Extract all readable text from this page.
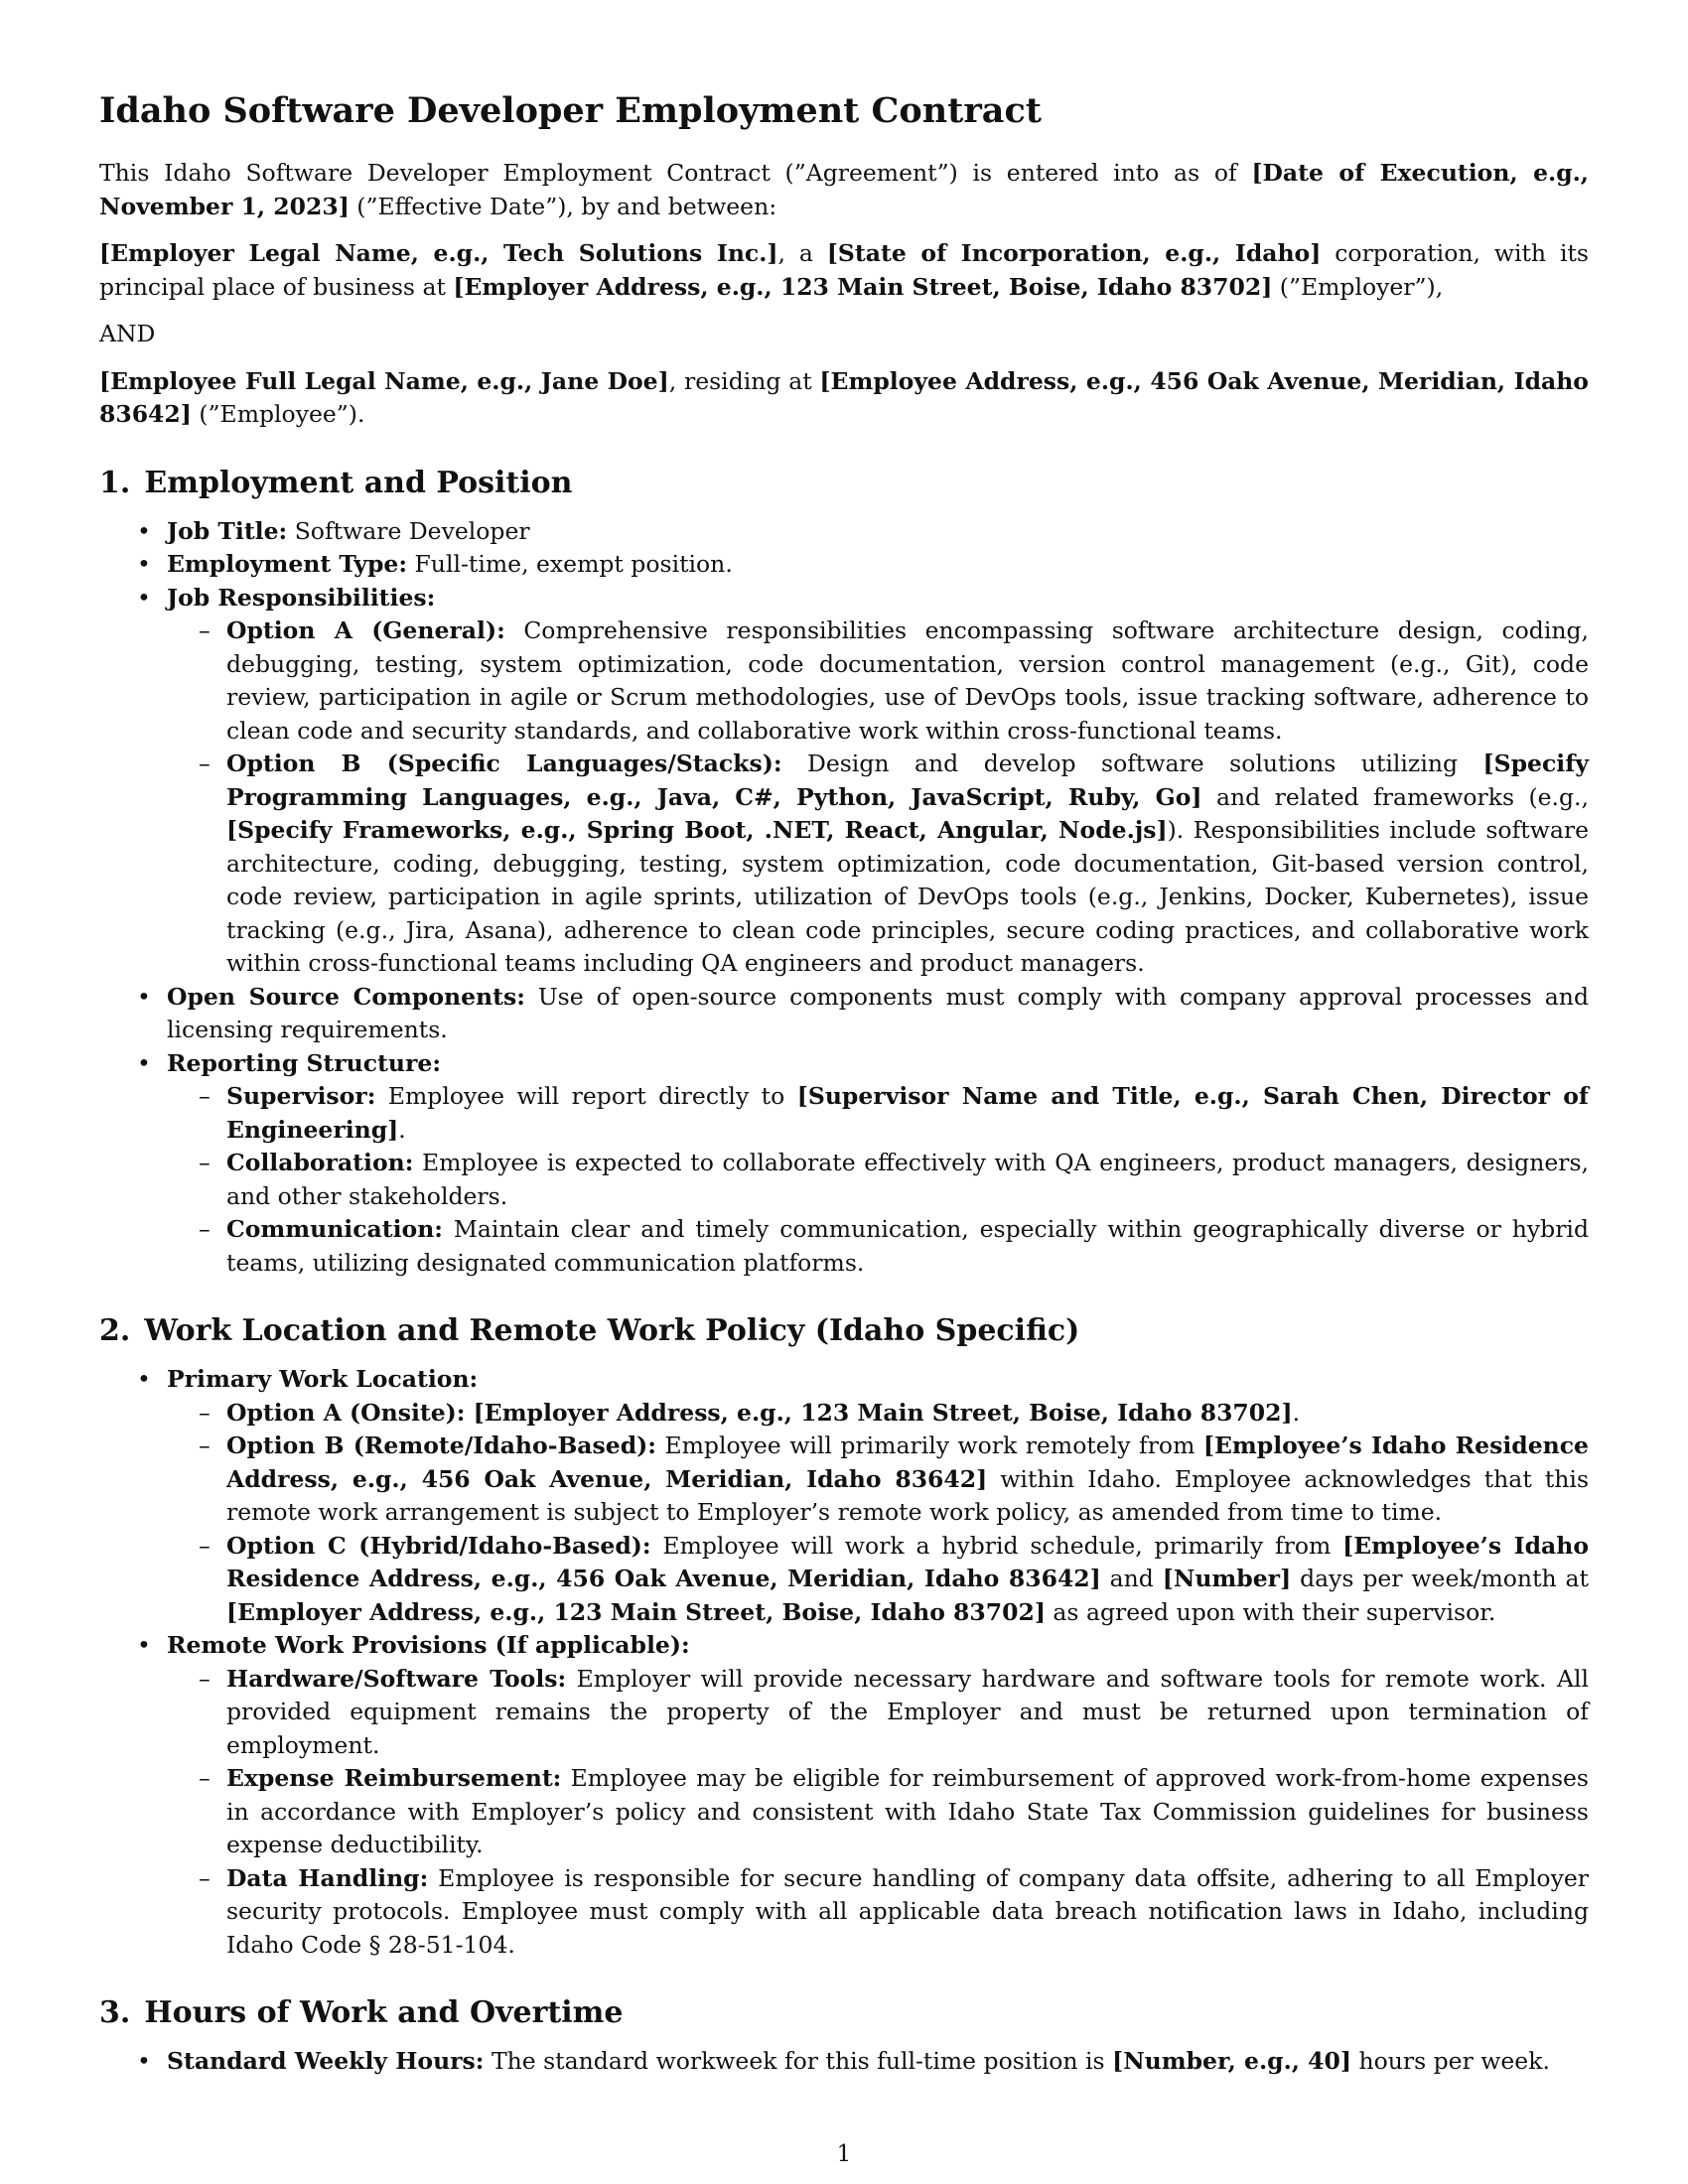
Idaho Software Developer Employment Contract

This Idaho Software Developer Employment Contract (”Agreement”) is entered into as of [Date of Execution, e.g., November 1, 2023] (”Effective Date”), by and between:

[Employer Legal Name, e.g., Tech Solutions Inc.], a [State of Incorporation, e.g., Idaho] corporation, with its principal place of business at [Employer Address, e.g., 123 Main Street, Boise, Idaho 83702] (”Employer”),

AND

[Employee Full Legal Name, e.g., Jane Doe], residing at [Employee Address, e.g., 456 Oak Avenue, Meridian, Idaho 83642] (”Employee”).

1. Employment and Position
• Job Title: Software Developer
• Employment Type: Full-time, exempt position.
• Job Responsibilities:
– Option A (General): Comprehensive responsibilities encompassing software architecture design, coding, debugging, testing, system optimization, code documentation, version control management (e.g., Git), code review, participation in agile or Scrum methodologies, use of DevOps tools, issue tracking software, adherence to clean code and security standards, and collaborative work within cross-functional teams.
– Option B (Specific Languages/Stacks): Design and develop software solutions utilizing [Specify Programming Languages, e.g., Java, C#, Python, JavaScript, Ruby, Go] and related frameworks (e.g., [Specify Frameworks, e.g., Spring Boot, .NET, React, Angular, Node.js]). Responsibilities include software architecture, coding, debugging, testing, system optimization, code documentation, Git-based version control, code review, participation in agile sprints, utilization of DevOps tools (e.g., Jenkins, Docker, Kubernetes), issue tracking (e.g., Jira, Asana), adherence to clean code principles, secure coding practices, and collaborative work within cross-functional teams including QA engineers and product managers.
• Open Source Components: Use of open-source components must comply with company approval processes and licensing requirements.
• Reporting Structure:
– Supervisor: Employee will report directly to [Supervisor Name and Title, e.g., Sarah Chen, Director of Engineering].
– Collaboration: Employee is expected to collaborate effectively with QA engineers, product managers, designers, and other stakeholders.
– Communication: Maintain clear and timely communication, especially within geographically diverse or hybrid teams, utilizing designated communication platforms.
2. Work Location and Remote Work Policy (Idaho Specific)
• Primary Work Location:
– Option A (Onsite): [Employer Address, e.g., 123 Main Street, Boise, Idaho 83702].
– Option B (Remote/Idaho-Based): Employee will primarily work remotely from [Employee’s Idaho Residence Address, e.g., 456 Oak Avenue, Meridian, Idaho 83642] within Idaho. Employee acknowledges that this remote work arrangement is subject to Employer’s remote work policy, as amended from time to time.
– Option C (Hybrid/Idaho-Based): Employee will work a hybrid schedule, primarily from [Employee’s Idaho Residence Address, e.g., 456 Oak Avenue, Meridian, Idaho 83642] and [Number] days per week/month at [Employer Address, e.g., 123 Main Street, Boise, Idaho 83702] as agreed upon with their supervisor.
• Remote Work Provisions (If applicable):
– Hardware/Software Tools: Employer will provide necessary hardware and software tools for remote work. All provided equipment remains the property of the Employer and must be returned upon termination of employment.
– Expense Reimbursement: Employee may be eligible for reimbursement of approved work-from-home expenses in accordance with Employer’s policy and consistent with Idaho State Tax Commission guidelines for business expense deductibility.
– Data Handling: Employee is responsible for secure handling of company data offsite, adhering to all Employer security protocols. Employee must comply with all applicable data breach notification laws in Idaho, including Idaho Code § 28-51-104.
3. Hours of Work and Overtime
• Standard Weekly Hours: The standard workweek for this full-time position is [Number, e.g., 40] hours per week.
1
